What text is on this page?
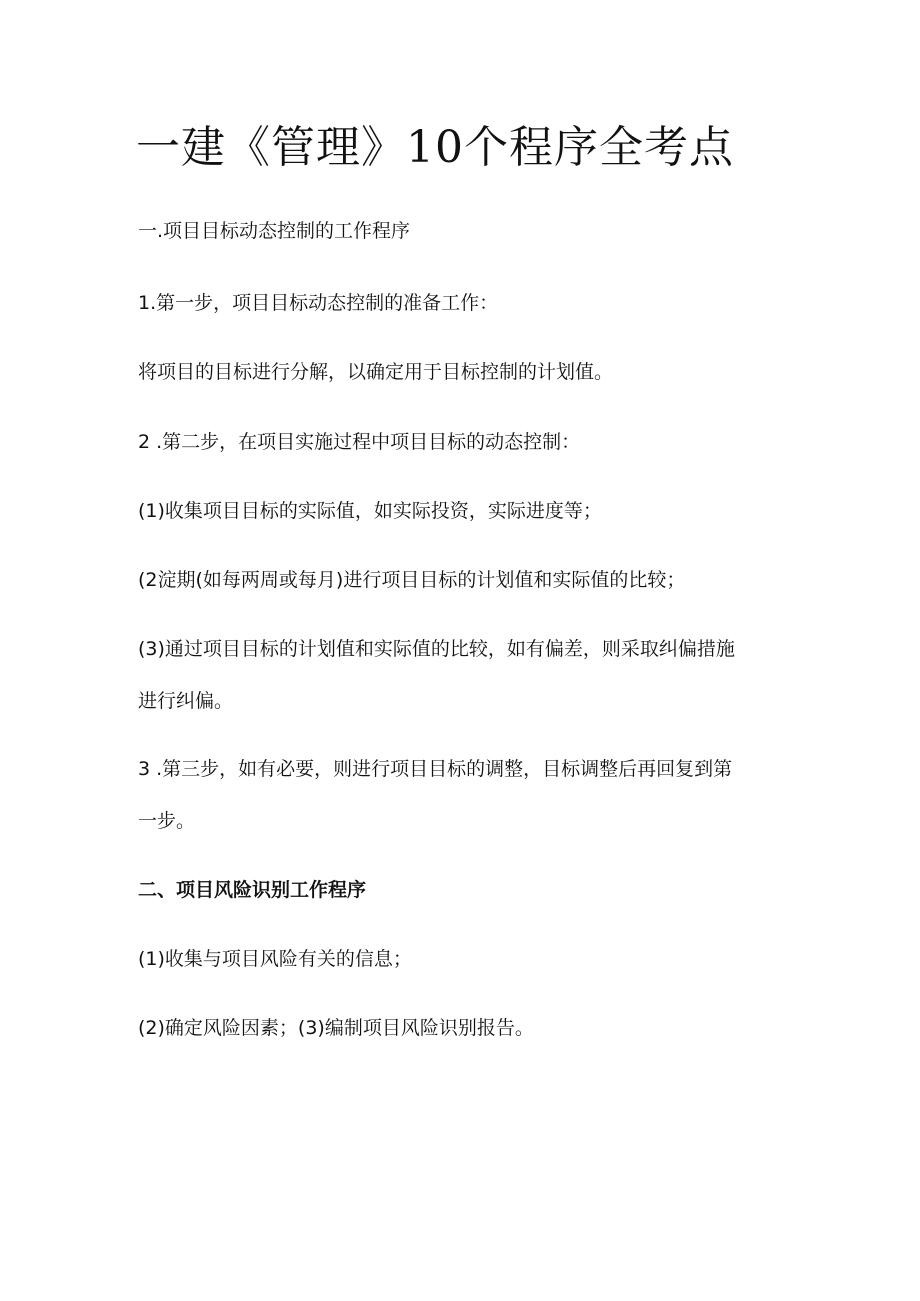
一建《管理》10个程序全考点

一.项目目标动态控制的工作程序

1.第一步，项目目标动态控制的准备工作：

将项目的目标进行分解，以确定用于目标控制的计划值。

2 .第二步，在项目实施过程中项目目标的动态控制：

(1)收集项目目标的实际值，如实际投资，实际进度等；

(2淀期(如每两周或每月)进行项目目标的计划值和实际值的比较；

(3)通过项目目标的计划值和实际值的比较，如有偏差，则采取纠偏措施

进行纠偏。

3 .第三步，如有必要，则进行项目目标的调整，目标调整后再回复到第

一步。

二、项目风险识别工作程序

(1)收集与项目风险有关的信息；

(2)确定风险因素；(3)编制项目风险识别报告。
